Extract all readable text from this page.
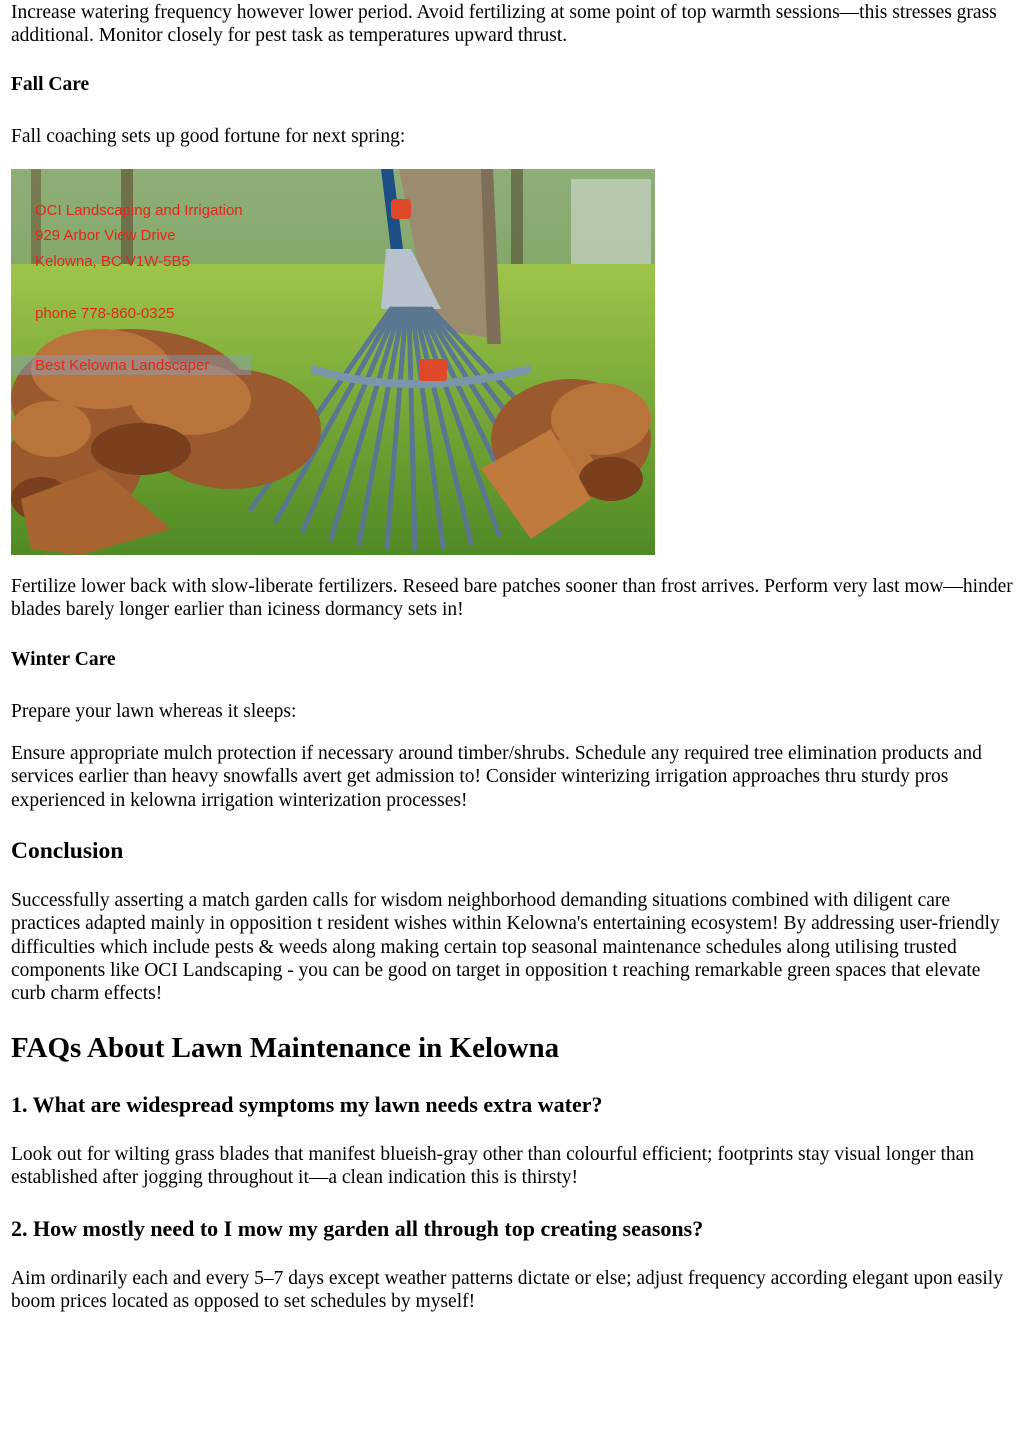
Increase watering frequency however lower period. Avoid fertilizing at some point of top warmth sessions—this stresses grass additional. Monitor closely for pest task as temperatures upward thrust.

Fall Care

Fall coaching sets up good fortune for next spring:

OCI Landscaping and Irrigation
929 Arbor View Drive
Kelowna, BC V1W-5B5
phone 778-860-0325
Best Kelowna Landscaper

Fertilize lower back with slow-liberate fertilizers. Reseed bare patches sooner than frost arrives. Perform very last mow—hinder blades barely longer earlier than iciness dormancy sets in!

Winter Care

Prepare your lawn whereas it sleeps:

Ensure appropriate mulch protection if necessary around timber/shrubs. Schedule any required tree elimination products and services earlier than heavy snowfalls avert get admission to! Consider winterizing irrigation approaches thru sturdy pros experienced in kelowna irrigation winterization processes!

Conclusion

Successfully asserting a match garden calls for wisdom neighborhood demanding situations combined with diligent care practices adapted mainly in opposition t resident wishes within Kelowna's entertaining ecosystem! By addressing user-friendly difficulties which include pests & weeds along making certain top seasonal maintenance schedules along utilising trusted components like OCI Landscaping - you can be good on target in opposition t reaching remarkable green spaces that elevate curb charm effects!

FAQs About Lawn Maintenance in Kelowna
1. What are widespread symptoms my lawn needs extra water?

Look out for wilting grass blades that manifest blueish-gray other than colourful efficient; footprints stay visual longer than established after jogging throughout it—a clean indication this is thirsty!

2. How mostly need to I mow my garden all through top creating seasons?

Aim ordinarily each and every 5–7 days except weather patterns dictate or else; adjust frequency according elegant upon easily boom prices located as opposed to set schedules by myself!
